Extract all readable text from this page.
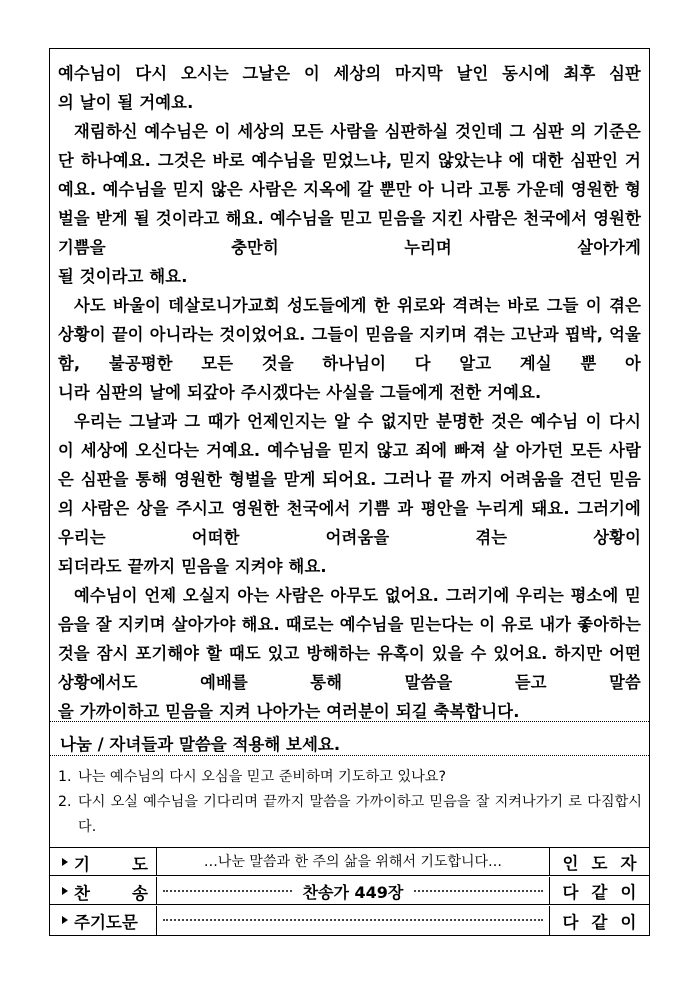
예수님이 다시 오시는 그날은 이 세상의 마지막 날인 동시에 최후 심판
의 날이 될 거예요.

재림하신 예수님은 이 세상의 모든 사람을 심판하실 것인데 그 심판 의 기준은 단 하나예요. 그것은 바로 예수님을 믿었느냐, 믿지 않았는냐 에 대한 심판인 거예요. 예수님을 믿지 않은 사람은 지옥에 갈 뿐만 아 니라 고통 가운데 영원한 형벌을 받게 될 것이라고 해요. 예수님을 믿고 믿음을 지킨 사람은 천국에서 영원한 기쁨을 충만히 누리며 살아가게
될 것이라고 해요.

사도 바울이 데살로니가교회 성도들에게 한 위로와 격려는 바로 그들 이 겪은 상황이 끝이 아니라는 것이었어요. 그들이 믿음을 지키며 겪는 고난과 핍박, 억울함, 불공평한 모든 것을 하나님이 다 알고 계실 뿐 아
니라 심판의 날에 되갚아 주시겠다는 사실을 그들에게 전한 거예요.

우리는 그날과 그 때가 언제인지는 알 수 없지만 분명한 것은 예수님 이 다시 이 세상에 오신다는 거예요. 예수님을 믿지 않고 죄에 빠져 살 아가던 모든 사람은 심판을 통해 영원한 형벌을 맏게 되어요. 그러나 끝 까지 어려움을 견딘 믿음의 사람은 상을 주시고 영원한 천국에서 기쁨 과 평안을 누리게 돼요. 그러기에 우리는 어떠한 어려움을 겪는 상황이
되더라도 끝까지 믿음을 지켜야 해요.

예수님이 언제 오실지 아는 사람은 아무도 없어요. 그러기에 우리는 평소에 믿음을 잘 지키며 살아가야 해요. 때로는 예수님을 믿는다는 이 유로 내가 좋아하는 것을 잠시 포기해야 할 때도 있고 방해하는 유혹이 있을 수 있어요. 하지만 어떤 상황에서도 예배를 통해 말씀을 듣고 말씀
을 가까이하고 믿음을 지켜 나아가는 여러분이 되길 축복합니다.

나눔 / 자녀들과 말씀을 적용해 보세요.
1. 나는 예수님의 다시 오심을 믿고 준비하며 기도하고 있나요?
2. 다시 오실 예수님을 기다리며 끝까지 말씀을 가까이하고 믿음을 잘 지켜나가기 로 다짐합시다.
기	도	…나눈 말씀과 한 주의 삶을 위해서 기도합니다…	인 도 자
찬	송	찬송가 449장	다 같 이
주기도문	다 같 이
